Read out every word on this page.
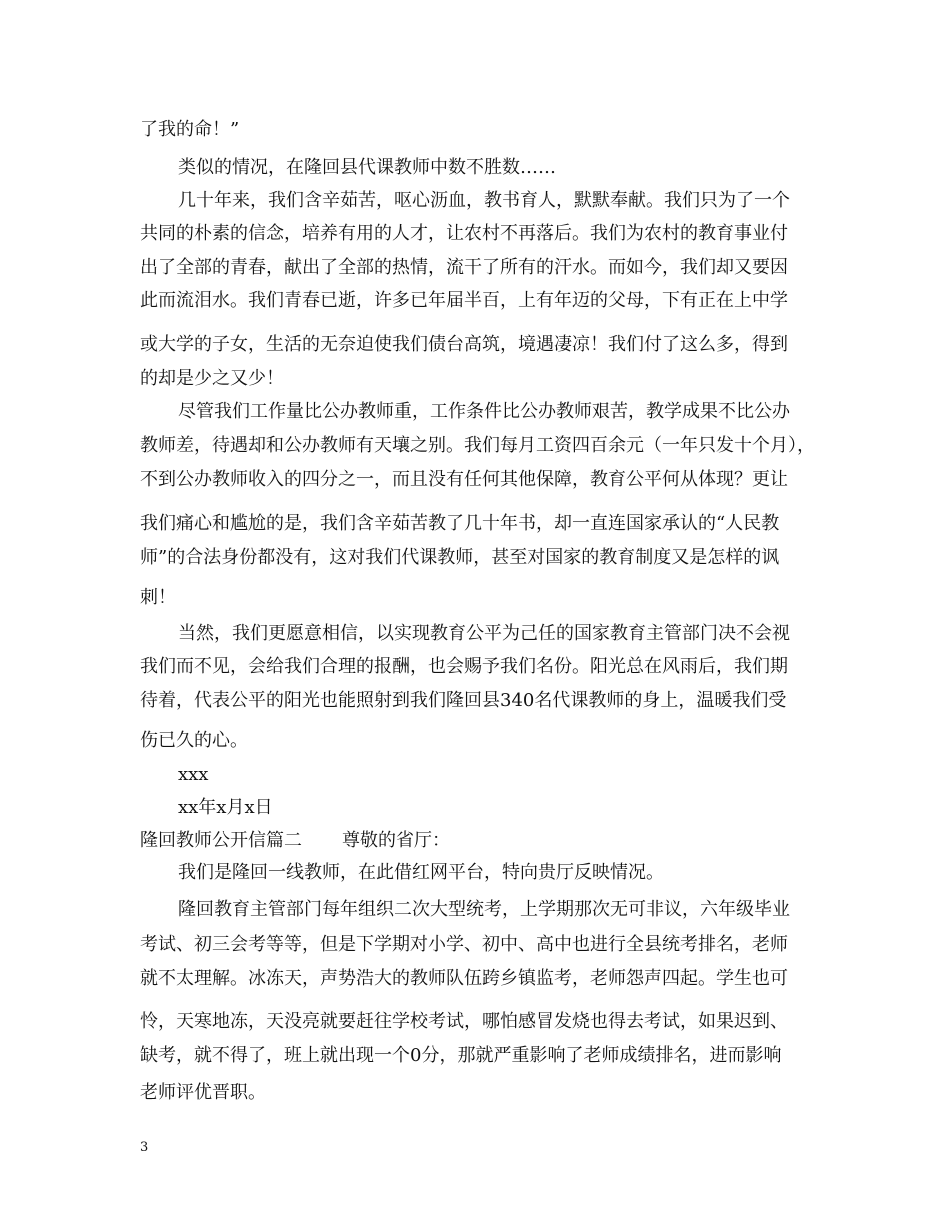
了我的命！”
类似的情况，在隆回县代课教师中数不胜数……
几十年来，我们含辛茹苦，呕心沥血，教书育人，默默奉献。我们只为了一个
共同的朴素的信念，培养有用的人才，让农村不再落后。我们为农村的教育事业付
出了全部的青春，献出了全部的热情，流干了所有的汗水。而如今，我们却又要因
此而流泪水。我们青春已逝，许多已年届半百，上有年迈的父母，下有正在上中学
或大学的子女，生活的无奈迫使我们债台高筑，境遇凄凉！我们付了这么多，得到
的却是少之又少！
尽管我们工作量比公办教师重，工作条件比公办教师艰苦，教学成果不比公办
教师差，待遇却和公办教师有天壤之别。我们每月工资四百余元（一年只发十个月），
不到公办教师收入的四分之一，而且没有任何其他保障，教育公平何从体现？更让
我们痛心和尴尬的是，我们含辛茹苦教了几十年书，却一直连国家承认的“人民教
师”的合法身份都没有，这对我们代课教师，甚至对国家的教育制度又是怎样的讽
刺！
当然，我们更愿意相信，以实现教育公平为己任的国家教育主管部门决不会视
我们而不见，会给我们合理的报酬，也会赐予我们名份。阳光总在风雨后，我们期
待着，代表公平的阳光也能照射到我们隆回县340名代课教师的身上，温暖我们受
伤已久的心。
xxx
xx年x月x日
隆回教师公开信篇二 尊敬的省厅：
我们是隆回一线教师，在此借红网平台，特向贵厅反映情况。
隆回教育主管部门每年组织二次大型统考，上学期那次无可非议，六年级毕业
考试、初三会考等等，但是下学期对小学、初中、高中也进行全县统考排名，老师
就不太理解。冰冻天，声势浩大的教师队伍跨乡镇监考，老师怨声四起。学生也可
怜，天寒地冻，天没亮就要赶往学校考试，哪怕感冒发烧也得去考试，如果迟到、
缺考，就不得了，班上就出现一个0分，那就严重影响了老师成绩排名，进而影响
老师评优晋职。
3
